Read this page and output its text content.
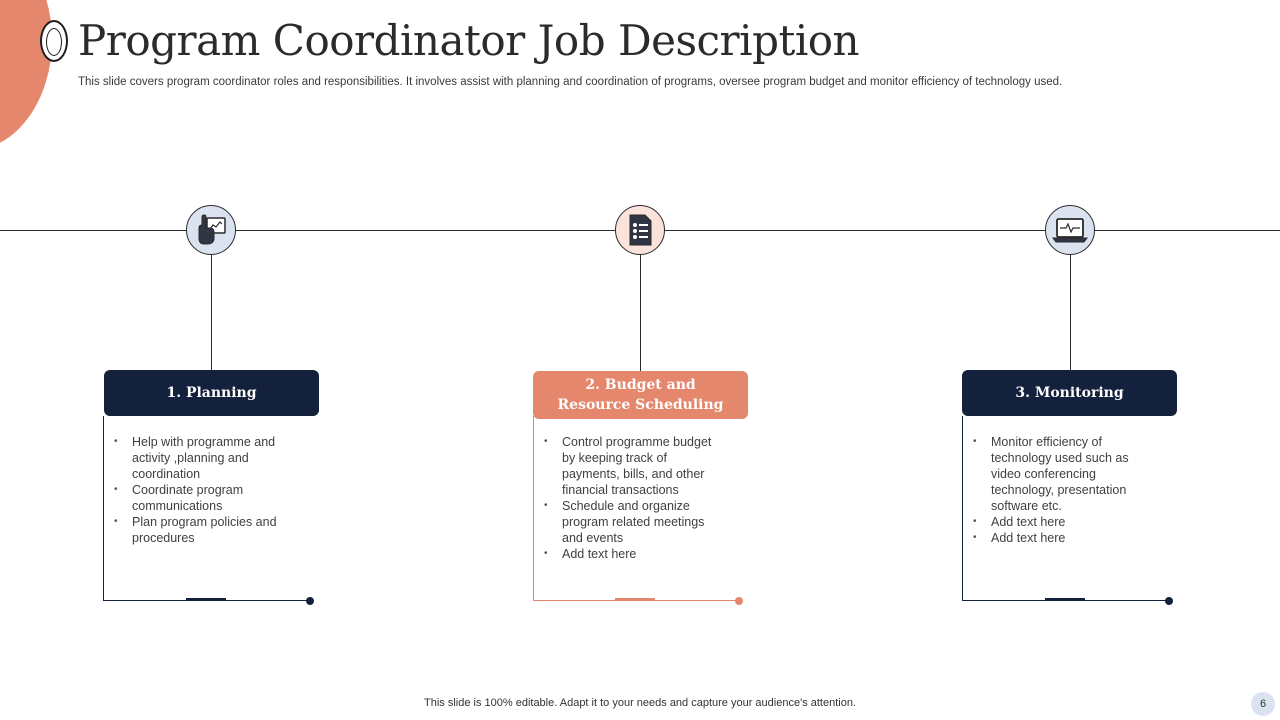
Program Coordinator Job Description
This slide covers program coordinator roles and responsibilities. It involves assist with planning and coordination of programs, oversee program budget and monitor efficiency of technology used.
1. Planning
• Help with programme and activity ,planning and coordination
• Coordinate program communications
• Plan program policies and procedures
2. Budget and Resource Scheduling
• Control programme budget by keeping track of payments, bills, and other financial transactions
• Schedule and organize program related meetings and events
• Add text here
3. Monitoring
• Monitor efficiency of technology used such as video conferencing technology, presentation software etc.
• Add text here
• Add text here
This slide is 100% editable. Adapt it to your needs and capture your audience's attention.	6
